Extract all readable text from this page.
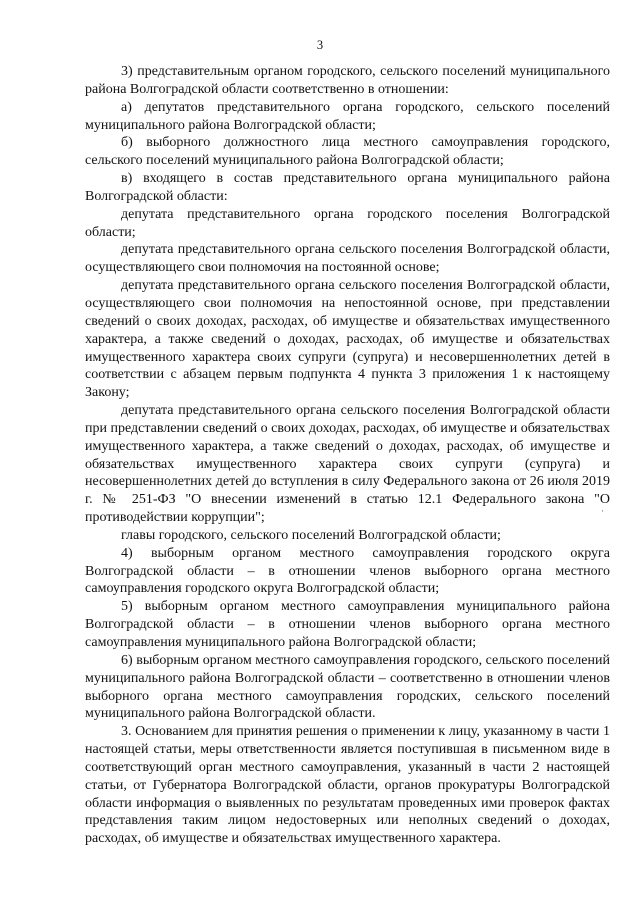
3

3) представительным органом городского, сельского поселений муниципального района Волгоградской области соответственно в отношении:

а) депутатов представительного органа городского, сельского поселений муниципального района Волгоградской области;

б) выборного должностного лица местного самоуправления городского, сельского поселений муниципального района Волгоградской области;

в) входящего в состав представительного органа муниципального района Волгоградской области:

депутата представительного органа городского поселения Волгоградской области;

депутата представительного органа сельского поселения Волгоградской области, осуществляющего свои полномочия на постоянной основе;

депутата представительного органа сельского поселения Волгоградской области, осуществляющего свои полномочия на непостоянной основе, при представлении сведений о своих доходах, расходах, об имуществе и обязательствах имущественного характера, а также сведений о доходах, расходах, об имуществе и обязательствах имущественного характера своих супруги (супруга) и несовершеннолетних детей в соответствии с абзацем первым подпункта 4 пункта 3 приложения 1 к настоящему Закону;

депутата представительного органа сельского поселения Волгоградской области при представлении сведений о своих доходах, расходах, об имуществе и обязательствах имущественного характера, а также сведений о доходах, расходах, об имуществе и обязательствах имущественного характера своих супруги (супруга) и несовершеннолетних детей до вступления в силу Федерального закона от 26 июля 2019 г. № 251-ФЗ "О внесении изменений в статью 12.1 Федерального закона "О противодействии коррупции";

главы городского, сельского поселений Волгоградской области;

4) выборным органом местного самоуправления городского округа Волгоградской области – в отношении членов выборного органа местного самоуправления городского округа Волгоградской области;

5) выборным органом местного самоуправления муниципального района Волгоградской области – в отношении членов выборного органа местного самоуправления муниципального района Волгоградской области;

6) выборным органом местного самоуправления городского, сельского поселений муниципального района Волгоградской области – соответственно в отношении членов выборного органа местного самоуправления городских, сельского поселений муниципального района Волгоградской области.

3. Основанием для принятия решения о применении к лицу, указанному в части 1 настоящей статьи, меры ответственности является поступившая в письменном виде в соответствующий орган местного самоуправления, указанный в части 2 настоящей статьи, от Губернатора Волгоградской области, органов прокуратуры Волгоградской области информация о выявленных по результатам проведенных ими проверок фактах представления таким лицом недостоверных или неполных сведений о доходах, расходах, об имуществе и обязательствах имущественного характера.

·
